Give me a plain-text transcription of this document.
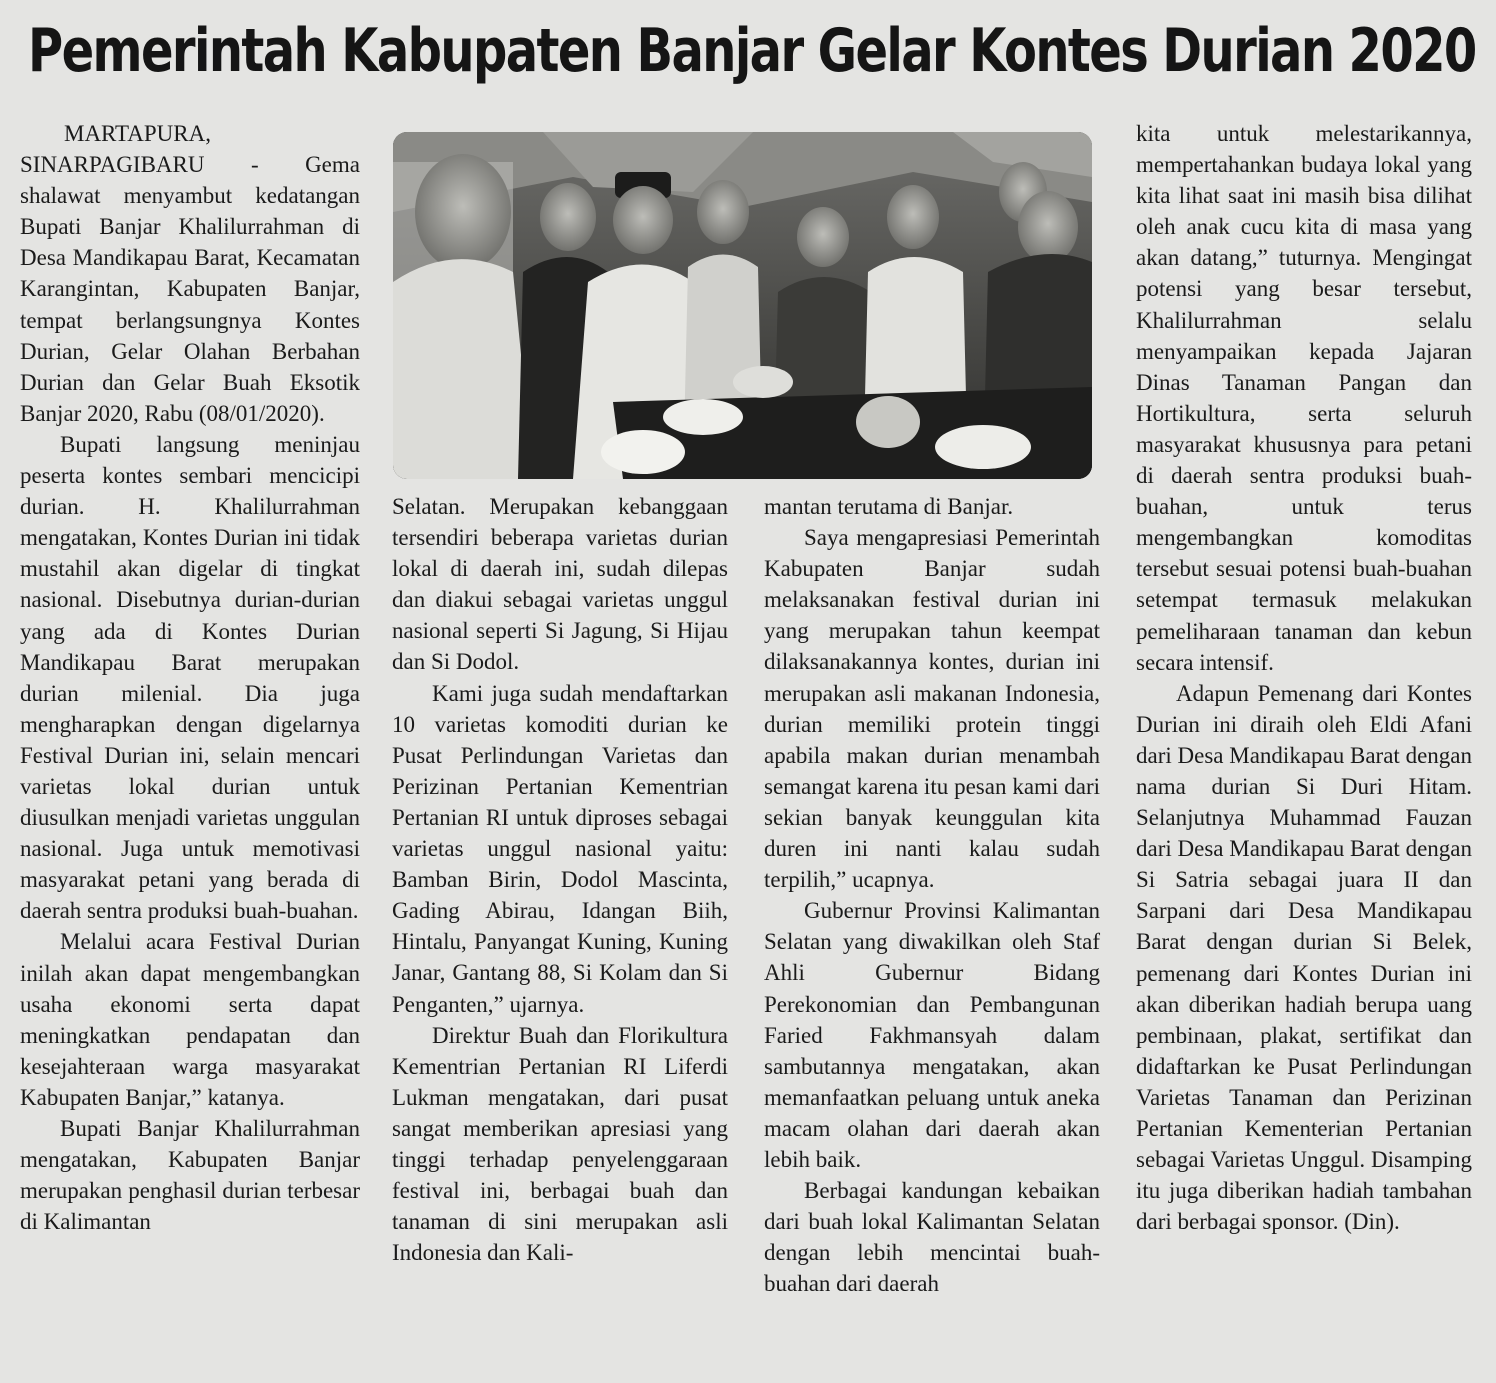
Pemerintah Kabupaten Banjar Gelar Kontes Durian 2020

MARTAPURA, SINARPAGIBARU - Gema shalawat menyambut kedatangan Bupati Banjar Khalilurrahman di Desa Mandikapau Barat, Kecamatan Karangintan, Kabupaten Banjar, tempat berlangsungnya Kontes Durian, Gelar Olahan Berbahan Durian dan Gelar Buah Eksotik Banjar 2020, Rabu (08/01/2020).

Bupati langsung meninjau peserta kontes sembari mencicipi durian. H. Khalilurrahman mengatakan, Kontes Durian ini tidak mustahil akan digelar di tingkat nasional. Disebutnya durian-durian yang ada di Kontes Durian Mandikapau Barat merupakan durian milenial. Dia juga mengharapkan dengan digelarnya Festival Durian ini, selain mencari varietas lokal durian untuk diusulkan menjadi varietas unggulan nasional. Juga untuk memotivasi masyarakat petani yang berada di daerah sentra produksi buah-buahan.

Melalui acara Festival Durian inilah akan dapat mengembangkan usaha ekonomi serta dapat meningkatkan pendapatan dan kesejahteraan warga masyarakat Kabupaten Banjar,” katanya.

Bupati Banjar Khalilurrahman mengatakan, Kabupaten Banjar merupakan penghasil durian terbesar di Kalimantan

Selatan. Merupakan kebanggaan tersendiri beberapa varietas durian lokal di daerah ini, sudah dilepas dan diakui sebagai varietas unggul nasional seperti Si Jagung, Si Hijau dan Si Dodol.

Kami juga sudah mendaftarkan 10 varietas komoditi durian ke Pusat Perlindungan Varietas dan Perizinan Pertanian Kementrian Pertanian RI untuk diproses sebagai varietas unggul nasional yaitu: Bamban Birin, Dodol Mascinta, Gading Abirau, Idangan Biih, Hintalu, Panyangat Kuning, Kuning Janar, Gantang 88, Si Kolam dan Si Penganten,” ujarnya.

Direktur Buah dan Florikultura Kementrian Pertanian RI Liferdi Lukman mengatakan, dari pusat sangat memberikan apresiasi yang tinggi terhadap penyelenggaraan festival ini, berbagai buah dan tanaman di sini merupakan asli Indonesia dan Kali-

mantan terutama di Banjar.

Saya mengapresiasi Pemerintah Kabupaten Banjar sudah melaksanakan festival durian ini yang merupakan tahun keempat dilaksanakannya kontes, durian ini merupakan asli makanan Indonesia, durian memiliki protein tinggi apabila makan durian menambah semangat karena itu pesan kami dari sekian banyak keunggulan kita duren ini nanti kalau sudah terpilih,” ucapnya.

Gubernur Provinsi Kalimantan Selatan yang diwakilkan oleh Staf Ahli Gubernur Bidang Perekonomian dan Pembangunan Faried Fakhmansyah dalam sambutannya mengatakan, akan memanfaatkan peluang untuk aneka macam olahan dari daerah akan lebih baik.

Berbagai kandungan kebaikan dari buah lokal Kalimantan Selatan dengan lebih mencintai buah-buahan dari daerah

kita untuk melestarikannya, mempertahankan budaya lokal yang kita lihat saat ini masih bisa dilihat oleh anak cucu kita di masa yang akan datang,” tuturnya. Mengingat potensi yang besar tersebut, Khalilurrahman selalu menyampaikan kepada Jajaran Dinas Tanaman Pangan dan Hortikultura, serta seluruh masyarakat khususnya para petani di daerah sentra produksi buah-buahan, untuk terus mengembangkan komoditas tersebut sesuai potensi buah-buahan setempat termasuk melakukan pemeliharaan tanaman dan kebun secara intensif.

Adapun Pemenang dari Kontes Durian ini diraih oleh Eldi Afani dari Desa Mandikapau Barat dengan nama durian Si Duri Hitam. Selanjutnya Muhammad Fauzan dari Desa Mandikapau Barat dengan Si Satria sebagai juara II dan Sarpani dari Desa Mandikapau Barat dengan durian Si Belek, pemenang dari Kontes Durian ini akan diberikan hadiah berupa uang pembinaan, plakat, sertifikat dan didaftarkan ke Pusat Perlindungan Varietas Tanaman dan Perizinan Pertanian Kementerian Pertanian sebagai Varietas Unggul. Disamping itu juga diberikan hadiah tambahan dari berbagai sponsor. (Din).
